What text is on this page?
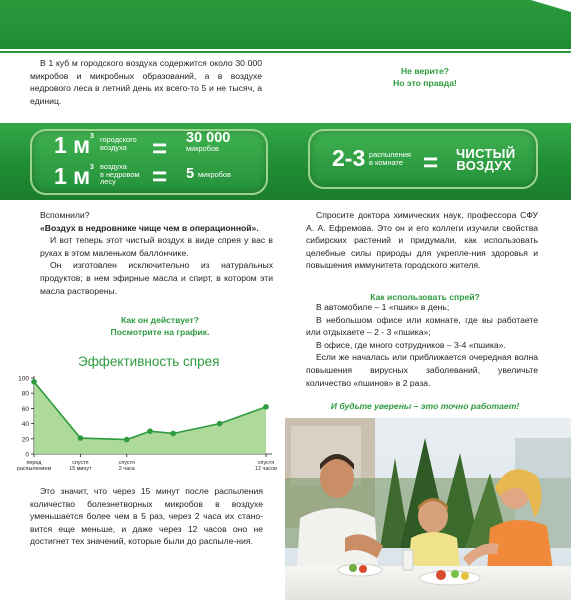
В 1 куб м городского воздуха содержится около 30 000 микробов и микробных образований, а в воздухе недрового леса в летний день их всего-то 5 и не тысяч, а единиц.
Не верите?
Но это правда!
1 м 3 городского
воздуха = 30 000
микробов
1 м 3 воздуха
в недровом
лесу	= 5 микробов
2-3 распыления
в комнате = ЧИСТЫЙ
ВОЗДУХ
Вспомнили?
«Воздух в недровнике чище чем в операционной».
И вот теперь этот чистый воздух в виде спрея у вас в руках в этом маленьком баллончике.
Он изготовлен исключительно из натуральных продуктов; в нем эфирные масла и спирт, в котором эти масла растворены.
Как он действует?
Посмотрите на график.
Спросите доктора химических наук, профессора СФУ А. А. Ефремова. Это он и его коллеги изучили свойства сибирских растений и придумали, как использовать целебные силы природы для укрепле-ния здоровья и повышения иммунитета городского жителя.
Как использовать спрей?
В автомобиле – 1 «пшик» в день;
В небольшом офисе или комнате, где вы работаете или отдыхаете – 2 - 3 «пшика»;
В офисе, где много сотрудников – 3-4 «пшика».
Если же началась или приближается очередная волна повышения вирусных заболеваний, увеличьте количество «пшинов» в 2 раза.
И будьте уверены – это точно работает!
Эффективность спрея
0
20
40
60
80
100
перед
распылением
спустя
15 минут
спустя
2 часа
спустя
12 часов
Это значит, что через 15 минут после распыления количество болезнетворных микробов в воздухе уменьшается более чем в 5 раз, через 2 часа их стано-вится еще меньше, и даже через 12 часов оно не достигнет тех значений, которые были до распыле-ния.
